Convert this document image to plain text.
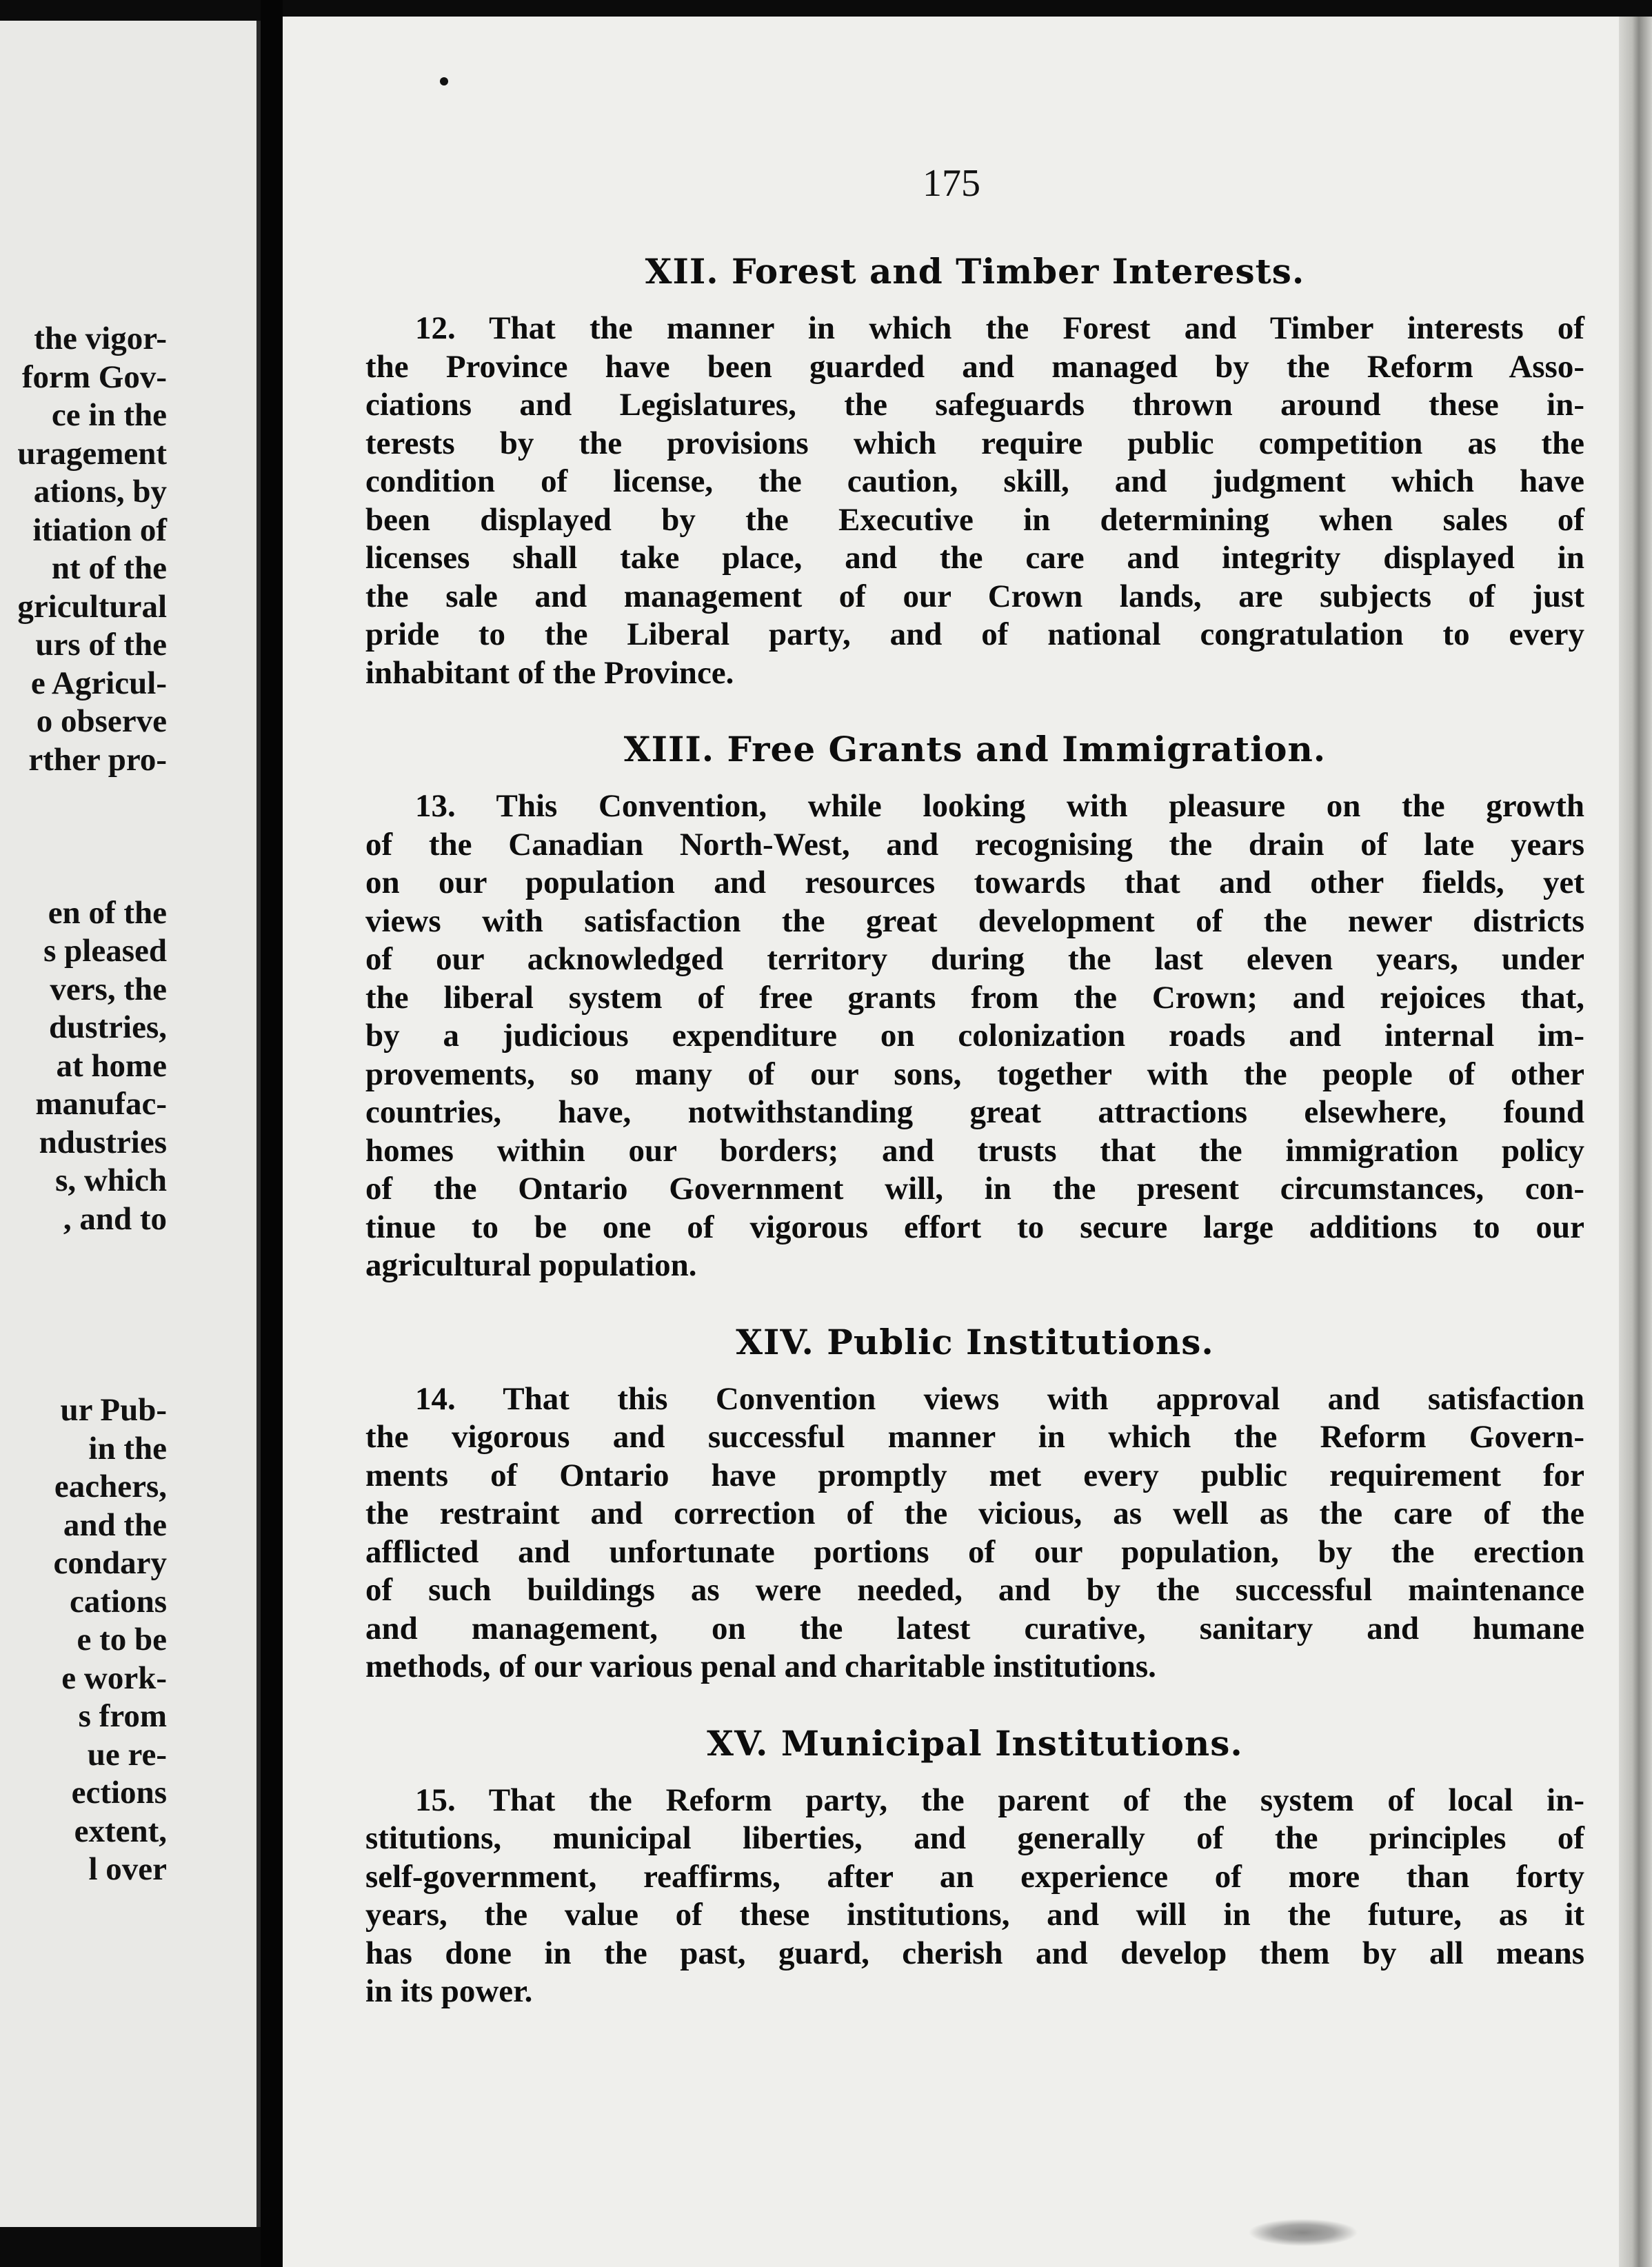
the vigor-
form Gov-
ce in the
uragement
ations, by
itiation of
nt of the
gricultural
urs of the
e Agricul-
o observe
rther pro-
en of the
s pleased
vers, the
dustries,
at home
manufac-
ndustries
s, which
, and to
ur Pub-
in the
eachers,
and the
condary
cations
e to be
e work-
s from
ue re-
ections
extent,
l over
175
XII. Forest and Timber Interests.
12. That the manner in which the Forest and Timber interests of
the Province have been guarded and managed by the Reform Asso-
ciations and Legislatures, the safeguards thrown around these in-
terests by the provisions which require public competition as the
condition of license, the caution, skill, and judgment which have
been displayed by the Executive in determining when sales of
licenses shall take place, and the care and integrity displayed in
the sale and management of our Crown lands, are subjects of just
pride to the Liberal party, and of national congratulation to every
inhabitant of the Province.
XIII. Free Grants and Immigration.
13. This Convention, while looking with pleasure on the growth
of the Canadian North-West, and recognising the drain of late years
on our population and resources towards that and other fields, yet
views with satisfaction the great development of the newer districts
of our acknowledged territory during the last eleven years, under
the liberal system of free grants from the Crown; and rejoices that,
by a judicious expenditure on colonization roads and internal im-
provements, so many of our sons, together with the people of other
countries, have, notwithstanding great attractions elsewhere, found
homes within our borders; and trusts that the immigration policy
of the Ontario Government will, in the present circumstances, con-
tinue to be one of vigorous effort to secure large additions to our
agricultural population.
XIV. Public Institutions.
14. That this Convention views with approval and satisfaction
the vigorous and successful manner in which the Reform Govern-
ments of Ontario have promptly met every public requirement for
the restraint and correction of the vicious, as well as the care of the
afflicted and unfortunate portions of our population, by the erection
of such buildings as were needed, and by the successful maintenance
and management, on the latest curative, sanitary and humane
methods, of our various penal and charitable institutions.
XV. Municipal Institutions.
15. That the Reform party, the parent of the system of local in-
stitutions, municipal liberties, and generally of the principles of
self-government, reaffirms, after an experience of more than forty
years, the value of these institutions, and will in the future, as it
has done in the past, guard, cherish and develop them by all means
in its power.
